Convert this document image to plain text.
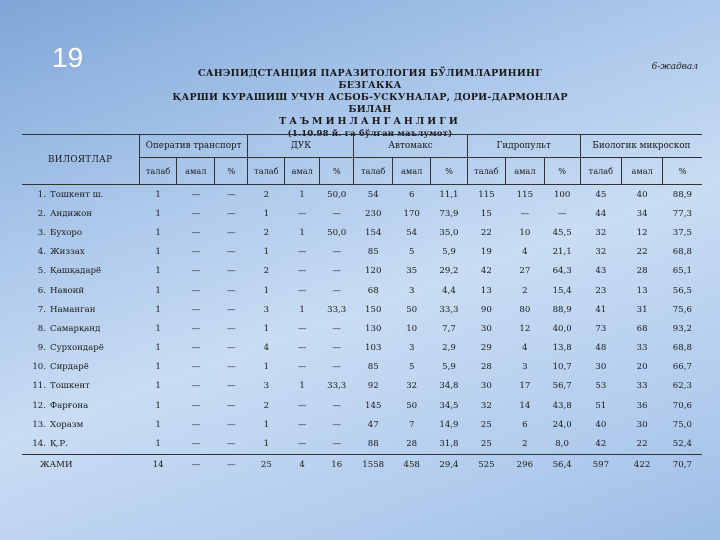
19	6-жадвал
САНЭПИДСТАНЦИЯ ПАРАЗИТОЛОГИЯ БЎЛИМЛАРИНИНГ БЕЗГАККА
ҚАРШИ КУРАШИШ УЧУН АСБОБ-УСКУНАЛАР, ДОРИ-ДАРМОНЛАР БИЛАН
ТАЪМИНЛАНГАНЛИГИ
(1.10.98 й. га бўлган маълумот)
ВИЛОЯТЛАР	Оператив транспорт			ДУК			Автомакс			Гидропульт			Биологик микроскоп		
	талаб	амал	%	талаб	амал	%	талаб	амал	%	талаб	амал	%	талаб	амал	%
1. Тошкент ш.	1	—	—	2	1	50,0	54	6	11,1	115	115	100	45	40	88,9
2. Андижон	1	—	—	1	—	—	230	170	73,9	15	—	—	44	34	77,3
3. Бухоро	1	—	—	2	1	50,0	154	54	35,0	22	10	45,5	32	12	37,5
4. Жиззах	1	—	—	1	—	—	85	5	5,9	19	4	21,1	32	22	68,8
5. Қашқадарё	1	—	—	2	—	—	120	35	29,2	42	27	64,3	43	28	65,1
6. Навоий	1	—	—	1	—	—	68	3	4,4	13	2	15,4	23	13	56,5
7. Наманган	1	—	—	3	1	33,3	150	50	33,3	90	80	88,9	41	31	75,6
8. Самарқанд	1	—	—	1	—	—	130	10	7,7	30	12	40,0	73	68	93,2
9. Сурхондарё	1	—	—	4	—	—	103	3	2,9	29	4	13,8	48	33	68,8
10. Сирдарё	1	—	—	1	—	—	85	5	5,9	28	3	10,7	30	20	66,7
11. Тошкент	1	—	—	3	1	33,3	92	32	34,8	30	17	56,7	53	33	62,3
12. Фарғона	1	—	—	2	—	—	145	50	34,5	32	14	43,8	51	36	70,6
13. Хоразм	1	—	—	1	—	—	47	7	14,9	25	6	24,0	40	30	75,0
14. Қ.Р.	1	—	—	1	—	—	88	28	31,8	25	2	8,0	42	22	52,4
ЖАМИ	14	—	—	25	4	16	1558	458	29,4	525	296	56,4	597	422	70,7
